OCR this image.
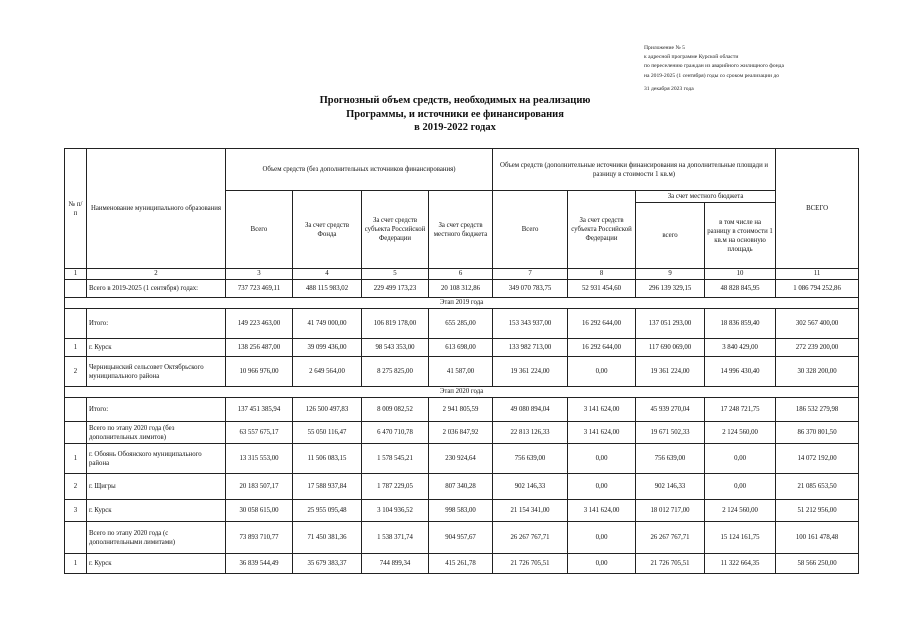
Приложение № 5
к адресной программе Курской области
по переселению граждан из аварийного жилищного фонда
на 2019-2025 (1 сентября) годы со сроком реализации до
31 декабря 2023 года
Прогнозный объем средств, необходимых на реализацию
Программы, и источники ее финансирования
в 2019-2022 годах
№ п/п	Наименование муниципального образования	Объем средств (без дополнительных источников финансирования)				Объем средств (дополнительные источники финансирования на дополнительные площади и разницу в стоимости 1 кв.м)				ВСЕГО
		Всего	За счет средств Фонда	За счет средств субъекта Российской Федерации	За счет средств местного бюджета	Всего	За счет средств субъекта Российской Федерации	За счет местного бюджета		
								всего	в том числе на разницу в стоимости 1 кв.м на основную площадь	
1	2	3	4	5	6	7	8	9	10	11
	Всего в 2019-2025 (1 сентября) годах:	737 723 469,11	488 115 983,02	229 499 173,23	20 108 312,86	349 070 783,75	52 931 454,60	296 139 329,15	48 828 845,95	1 086 794 252,86
Этап 2019 года										
	Итого:	149 223 463,00	41 749 000,00	106 819 178,00	655 285,00	153 343 937,00	16 292 644,00	137 051 293,00	18 836 859,40	302 567 400,00
1	г. Курск	138 256 487,00	39 099 436,00	98 543 353,00	613 698,00	133 982 713,00	16 292 644,00	117 690 069,00	3 840 429,00	272 239 200,00
2	Черницынский сельсовет Октябрьского муниципального района	10 966 976,00	2 649 564,00	8 275 825,00	41 587,00	19 361 224,00	0,00	19 361 224,00	14 996 430,40	30 328 200,00
Этап 2020 года										
	Итого:	137 451 385,94	126 500 497,83	8 009 082,52	2 941 805,59	49 080 894,04	3 141 624,00	45 939 270,04	17 248 721,75	186 532 279,98
	Всего по этапу 2020 года (без дополнительных лимитов)	63 557 675,17	55 050 116,47	6 470 710,78	2 036 847,92	22 813 126,33	3 141 624,00	19 671 502,33	2 124 560,00	86 370 801,50
1	г. Обоянь Обоянского муниципального района	13 315 553,00	11 506 083,15	1 578 545,21	230 924,64	756 639,00	0,00	756 639,00	0,00	14 072 192,00
2	г. Щигры	20 183 507,17	17 588 937,84	1 787 229,05	807 340,28	902 146,33	0,00	902 146,33	0,00	21 085 653,50
3	г. Курск	30 058 615,00	25 955 095,48	3 104 936,52	998 583,00	21 154 341,00	3 141 624,00	18 012 717,00	2 124 560,00	51 212 956,00
	Всего по этапу 2020 года (с дополнительными лимитами)	73 893 710,77	71 450 381,36	1 538 371,74	904 957,67	26 267 767,71	0,00	26 267 767,71	15 124 161,75	100 161 478,48
1	г. Курск	36 839 544,49	35 679 383,37	744 899,34	415 261,78	21 726 705,51	0,00	21 726 705,51	11 322 664,35	58 566 250,00
